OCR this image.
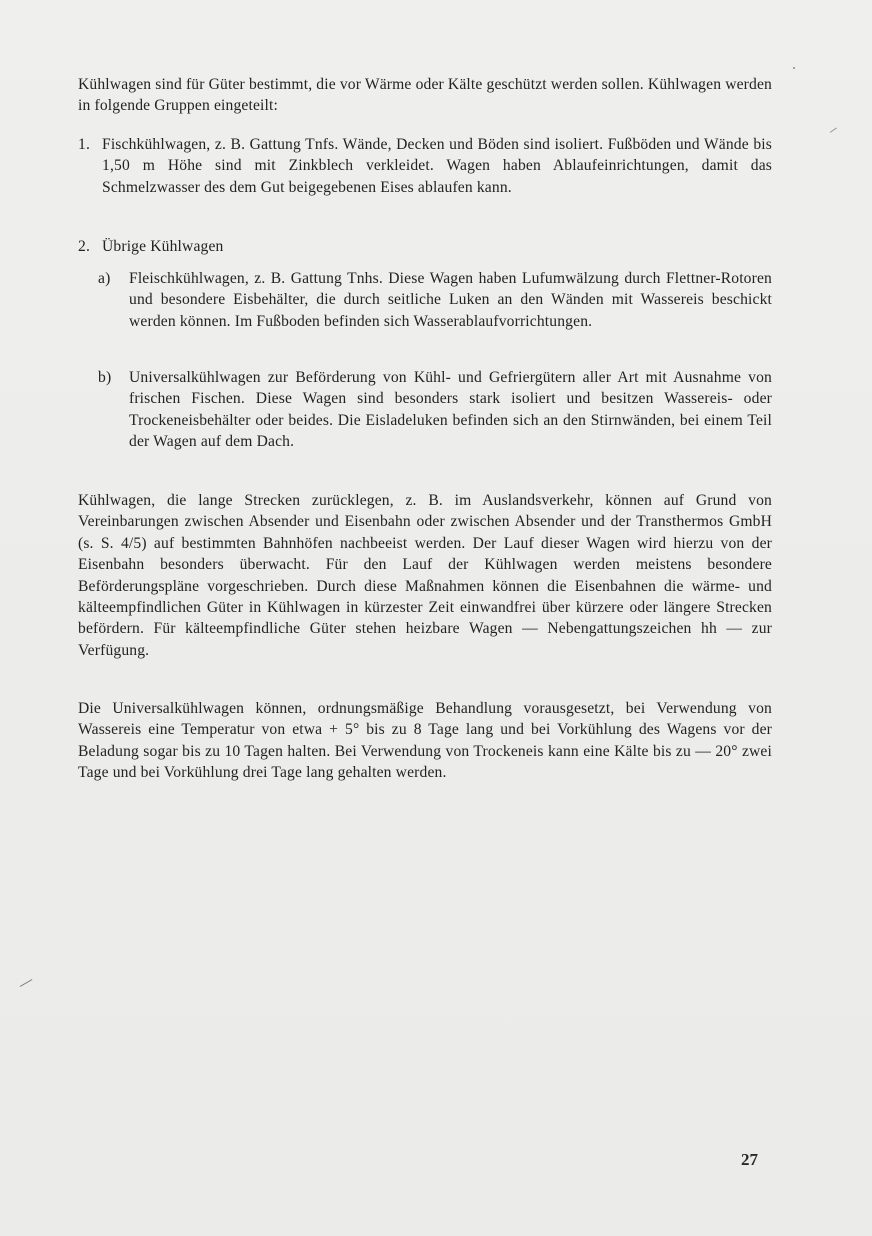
Kühlwagen sind für Güter bestimmt, die vor Wärme oder Kälte geschützt werden sollen. Kühlwagen werden in folgende Gruppen eingeteilt:

1. Fischkühlwagen, z. B. Gattung Tnfs. Wände, Decken und Böden sind isoliert. Fußböden und Wände bis 1,50 m Höhe sind mit Zinkblech verkleidet. Wagen haben Ablaufeinrichtungen, damit das Schmelzwasser des dem Gut beigegebenen Eises ablaufen kann.

2. Übrige Kühlwagen

a) Fleischkühlwagen, z. B. Gattung Tnhs. Diese Wagen haben Lufumwälzung durch Flettner-Rotoren und besondere Eisbehälter, die durch seitliche Luken an den Wänden mit Wassereis beschickt werden können. Im Fußboden befinden sich Wasserablaufvorrichtungen.

b) Universalkühlwagen zur Beförderung von Kühl- und Gefriergütern aller Art mit Ausnahme von frischen Fischen. Diese Wagen sind besonders stark isoliert und besitzen Wassereis- oder Trockeneisbehälter oder beides. Die Eisladeluken befinden sich an den Stirnwänden, bei einem Teil der Wagen auf dem Dach.

Kühlwagen, die lange Strecken zurücklegen, z. B. im Auslandsverkehr, können auf Grund von Vereinbarungen zwischen Absender und Eisenbahn oder zwischen Absender und der Transthermos GmbH (s. S. 4/5) auf bestimmten Bahnhöfen nachbeeist werden. Der Lauf dieser Wagen wird hierzu von der Eisenbahn besonders überwacht. Für den Lauf der Kühlwagen werden meistens besondere Beförderungspläne vorgeschrieben. Durch diese Maßnahmen können die Eisenbahnen die wärme- und kälteempfindlichen Güter in Kühlwagen in kürzester Zeit einwandfrei über kürzere oder längere Strecken befördern. Für kälteempfindliche Güter stehen heizbare Wagen — Nebengattungszeichen hh — zur Verfügung.

Die Universalkühlwagen können, ordnungsmäßige Behandlung vorausgesetzt, bei Verwendung von Wassereis eine Temperatur von etwa + 5° bis zu 8 Tage lang und bei Vorkühlung des Wagens vor der Beladung sogar bis zu 10 Tagen halten. Bei Verwendung von Trockeneis kann eine Kälte bis zu — 20° zwei Tage und bei Vorkühlung drei Tage lang gehalten werden.

27
